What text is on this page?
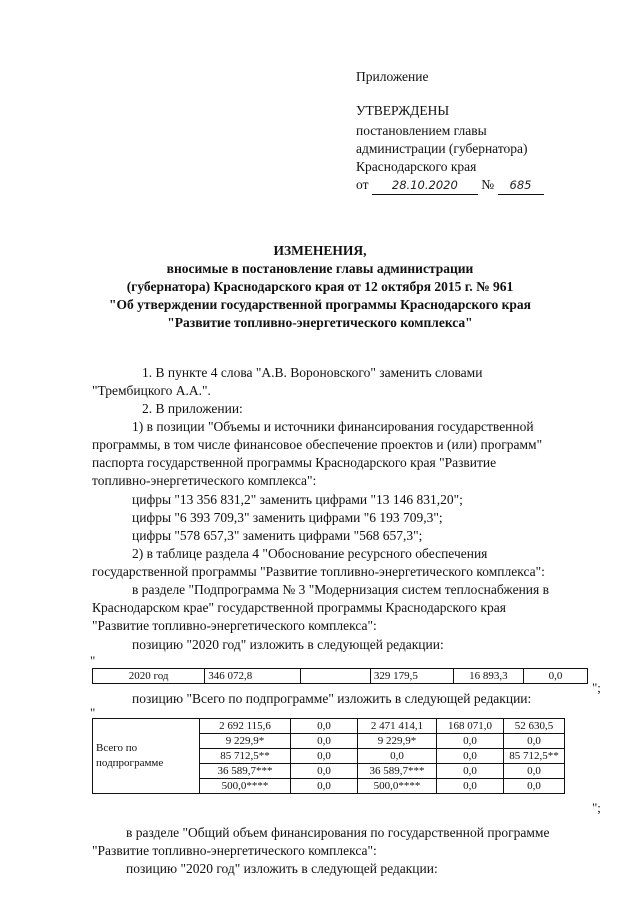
Приложение
УТВЕРЖДЕНЫ
постановлением главы
администрации (губернатора)
Краснодарского края
от 28.10.2020 № 685
ИЗМЕНЕНИЯ,
вносимые в постановление главы администрации
(губернатора) Краснодарского края от 12 октября 2015 г. № 961
"Об утверждении государственной программы Краснодарского края
"Развитие топливно-энергетического комплекса"
1. В пункте 4 слова "А.В. Вороновского" заменить словами
"Трембицкого А.А.".
2. В приложении:
1) в позиции "Объемы и источники финансирования государственной
программы, в том числе финансовое обеспечение проектов и (или) программ"
паспорта государственной программы Краснодарского края "Развитие
топливно-энергетического комплекса":
цифры "13 356 831,2" заменить цифрами "13 146 831,20";
цифры "6 393 709,3" заменить цифрами "6 193 709,3";
цифры "578 657,3" заменить цифрами "568 657,3";
2) в таблице раздела 4 "Обоснование ресурсного обеспечения
государственной программы "Развитие топливно-энергетического комплекса":
в разделе "Подпрограмма № 3 "Модернизация систем теплоснабжения в
Краснодарском крае" государственной программы Краснодарского края
"Развитие топливно-энергетического комплекса":
позицию "2020 год" изложить в следующей редакции:
"
2020 год	346 072,8		329 179,5	16 893,3	0,0
";
позицию "Всего по подпрограмме" изложить в следующей редакции:
"
Всего по
подпрограмме	2 692 115,6	0,0	2 471 414,1	168 071,0	52 630,5
	9 229,9*	0,0	9 229,9*	0,0	0,0
	85 712,5**	0,0	0,0	0,0	85 712,5**
	36 589,7***	0,0	36 589,7***	0,0	0,0
	500,0****	0,0	500,0****	0,0	0,0
";
в разделе "Общий объем финансирования по государственной программе
"Развитие топливно-энергетического комплекса":
позицию "2020 год" изложить в следующей редакции:
